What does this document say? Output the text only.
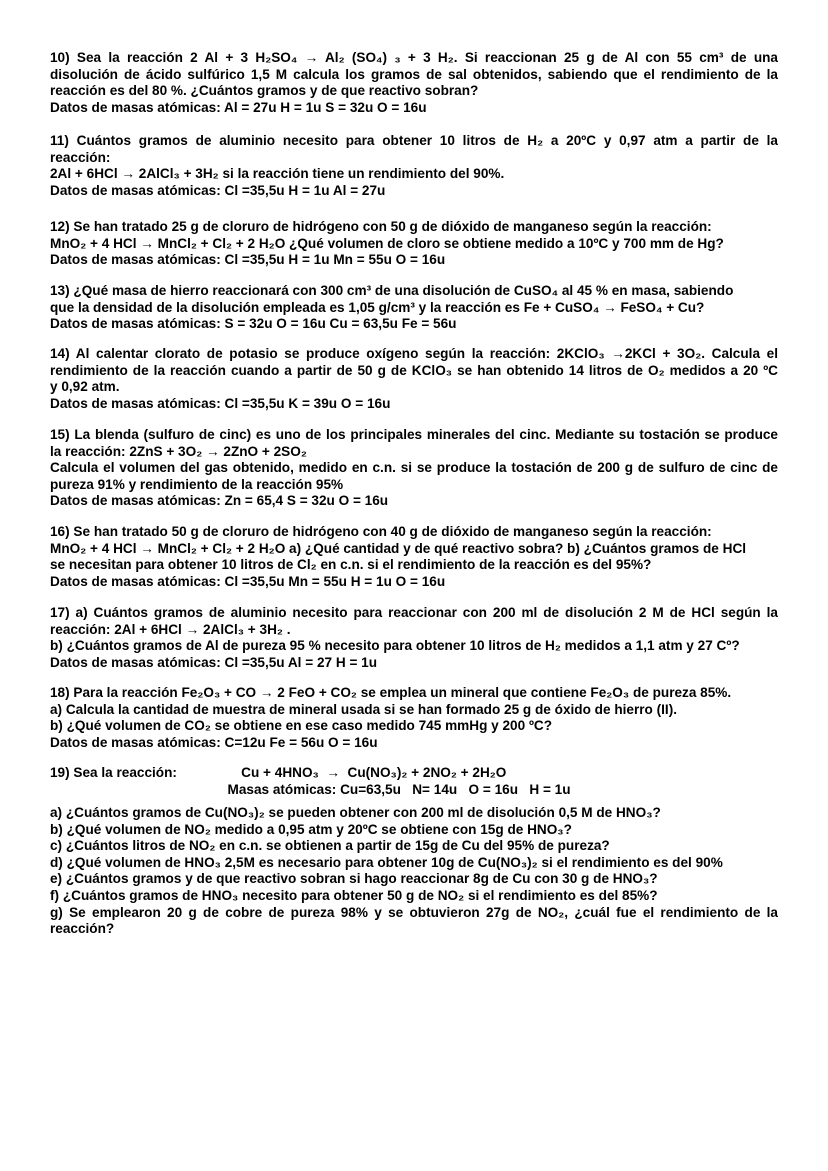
10) Sea la reacción 2 Al + 3 H₂SO₄ → Al₂ (SO₄) ₃ + 3 H₂. Si reaccionan 25 g de Al con 55 cm³ de una
disolución de ácido sulfúrico 1,5 M calcula los gramos de sal obtenidos, sabiendo que el rendimiento de la
reacción es del 80 %. ¿Cuántos gramos y de que reactivo sobran?
Datos de masas atómicas: Al = 27u H = 1u S = 32u O = 16u
11) Cuántos gramos de aluminio necesito para obtener 10 litros de H₂ a 20ºC y 0,97 atm a partir de la
reacción:
2Al + 6HCl → 2AlCl₃ + 3H₂ si la reacción tiene un rendimiento del 90%.
Datos de masas atómicas: Cl =35,5u H = 1u Al = 27u
12) Se han tratado 25 g de cloruro de hidrógeno con 50 g de dióxido de manganeso según la reacción:
MnO₂ + 4 HCl → MnCl₂ + Cl₂ + 2 H₂O ¿Qué volumen de cloro se obtiene medido a 10ºC y 700 mm de Hg?
Datos de masas atómicas: Cl =35,5u H = 1u Mn = 55u O = 16u
13) ¿Qué masa de hierro reaccionará con 300 cm³ de una disolución de CuSO₄ al 45 % en masa, sabiendo
que la densidad de la disolución empleada es 1,05 g/cm³ y la reacción es Fe + CuSO₄ → FeSO₄ + Cu?
Datos de masas atómicas: S = 32u O = 16u Cu = 63,5u Fe = 56u
14) Al calentar clorato de potasio se produce oxígeno según la reacción: 2KClO₃ →2KCl + 3O₂. Calcula el
rendimiento de la reacción cuando a partir de 50 g de KClO₃ se han obtenido 14 litros de O₂ medidos a 20 ºC
y 0,92 atm.
Datos de masas atómicas: Cl =35,5u K = 39u O = 16u
15) La blenda (sulfuro de cinc) es uno de los principales minerales del cinc. Mediante su tostación se produce
la reacción: 2ZnS + 3O₂ → 2ZnO + 2SO₂
Calcula el volumen del gas obtenido, medido en c.n. si se produce la tostación de 200 g de sulfuro de cinc de
pureza 91% y rendimiento de la reacción 95%
Datos de masas atómicas: Zn = 65,4 S = 32u O = 16u
16) Se han tratado 50 g de cloruro de hidrógeno con 40 g de dióxido de manganeso según la reacción:
MnO₂ + 4 HCl → MnCl₂ + Cl₂ + 2 H₂O a) ¿Qué cantidad y de qué reactivo sobra? b) ¿Cuántos gramos de HCl
se necesitan para obtener 10 litros de Cl₂ en c.n. si el rendimiento de la reacción es del 95%?
Datos de masas atómicas: Cl =35,5u Mn = 55u H = 1u O = 16u
17) a) Cuántos gramos de aluminio necesito para reaccionar con 200 ml de disolución 2 M de HCl según la
reacción: 2Al + 6HCl → 2AlCl₃ + 3H₂ .
b) ¿Cuántos gramos de Al de pureza 95 % necesito para obtener 10 litros de H₂ medidos a 1,1 atm y 27 Cº?
Datos de masas atómicas: Cl =35,5u Al = 27 H = 1u
18) Para la reacción Fe₂O₃ + CO → 2 FeO + CO₂ se emplea un mineral que contiene Fe₂O₃ de pureza 85%.
a) Calcula la cantidad de muestra de mineral usada si se han formado 25 g de óxido de hierro (II).
b) ¿Qué volumen de CO₂ se obtiene en ese caso medido 745 mmHg y 200 ºC?
Datos de masas atómicas: C=12u Fe = 56u O = 16u
19) Sea la reacción:                 Cu + 4HNO₃  →  Cu(NO₃)₂ + 2NO₂ + 2H₂O
Masas atómicas: Cu=63,5u   N= 14u   O = 16u   H = 1u
a) ¿Cuántos gramos de Cu(NO₃)₂ se pueden obtener con 200 ml de disolución 0,5 M de HNO₃?
b) ¿Qué volumen de NO₂ medido a 0,95 atm y 20ºC se obtiene con 15g de HNO₃?
c) ¿Cuántos litros de NO₂ en c.n. se obtienen a partir de 15g de Cu del 95% de pureza?
d) ¿Qué volumen de HNO₃ 2,5M es necesario para obtener 10g de Cu(NO₃)₂ si el rendimiento es del 90%
e) ¿Cuántos gramos y de que reactivo sobran si hago reaccionar 8g de Cu con 30 g de HNO₃?
f) ¿Cuántos gramos de HNO₃ necesito para obtener 50 g de NO₂ si el rendimiento es del 85%?
g) Se emplearon 20 g de cobre de pureza 98% y se obtuvieron 27g de NO₂, ¿cuál fue el rendimiento de la
reacción?
